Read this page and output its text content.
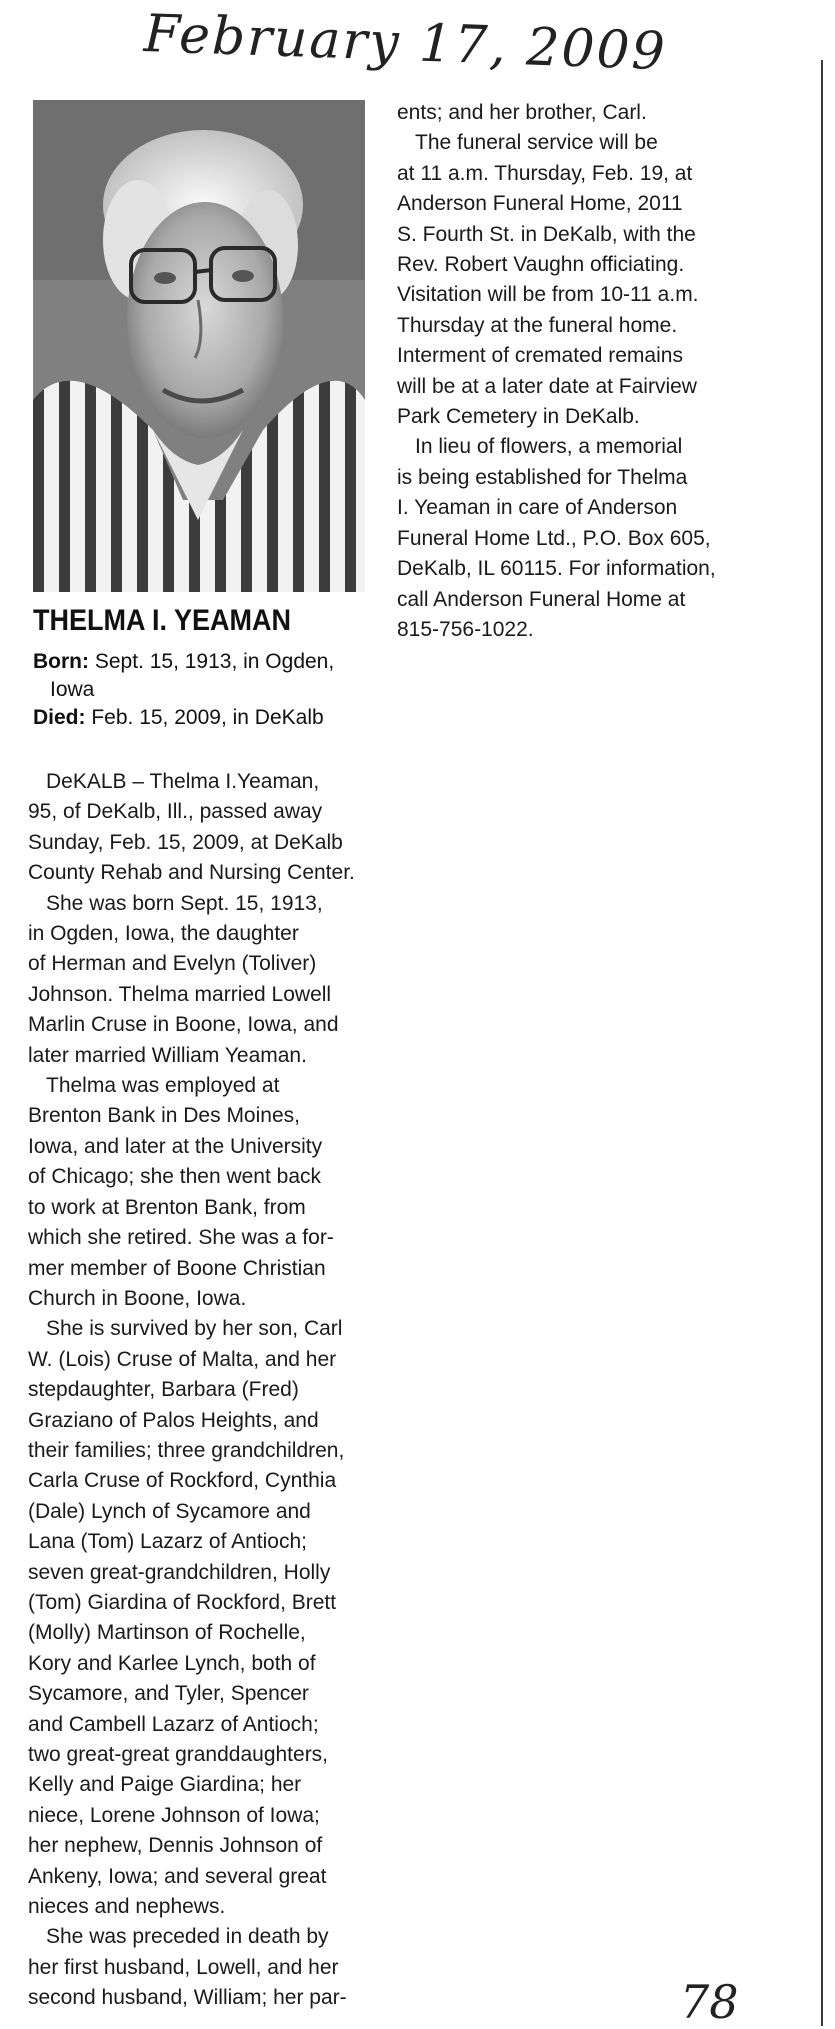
February 17, 2009
THELMA I. YEAMAN
Born: Sept. 15, 1913, in Ogden,
Iowa
Died: Feb. 15, 2009, in DeKalb
DeKALB – Thelma I.Yeaman,
95, of DeKalb, Ill., passed away
Sunday, Feb. 15, 2009, at DeKalb
County Rehab and Nursing Center.
She was born Sept. 15, 1913,
in Ogden, Iowa, the daughter
of Herman and Evelyn (Toliver)
Johnson. Thelma married Lowell
Marlin Cruse in Boone, Iowa, and
later married William Yeaman.
Thelma was employed at
Brenton Bank in Des Moines,
Iowa, and later at the University
of Chicago; she then went back
to work at Brenton Bank, from
which she retired. She was a for-
mer member of Boone Christian
Church in Boone, Iowa.
She is survived by her son, Carl
W. (Lois) Cruse of Malta, and her
stepdaughter, Barbara (Fred)
Graziano of Palos Heights, and
their families; three grandchildren,
Carla Cruse of Rockford, Cynthia
(Dale) Lynch of Sycamore and
Lana (Tom) Lazarz of Antioch;
seven great-grandchildren, Holly
(Tom) Giardina of Rockford, Brett
(Molly) Martinson of Rochelle,
Kory and Karlee Lynch, both of
Sycamore, and Tyler, Spencer
and Cambell Lazarz of Antioch;
two great-great granddaughters,
Kelly and Paige Giardina; her
niece, Lorene Johnson of Iowa;
her nephew, Dennis Johnson of
Ankeny, Iowa; and several great
nieces and nephews.
She was preceded in death by
her first husband, Lowell, and her
second husband, William; her par-
ents; and her brother, Carl.
The funeral service will be
at 11 a.m. Thursday, Feb. 19, at
Anderson Funeral Home, 2011
S. Fourth St. in DeKalb, with the
Rev. Robert Vaughn officiating.
Visitation will be from 10-11 a.m.
Thursday at the funeral home.
Interment of cremated remains
will be at a later date at Fairview
Park Cemetery in DeKalb.
In lieu of flowers, a memorial
is being established for Thelma
I. Yeaman in care of Anderson
Funeral Home Ltd., P.O. Box 605,
DeKalb, IL 60115. For information,
call Anderson Funeral Home at
815-756-1022.
78
